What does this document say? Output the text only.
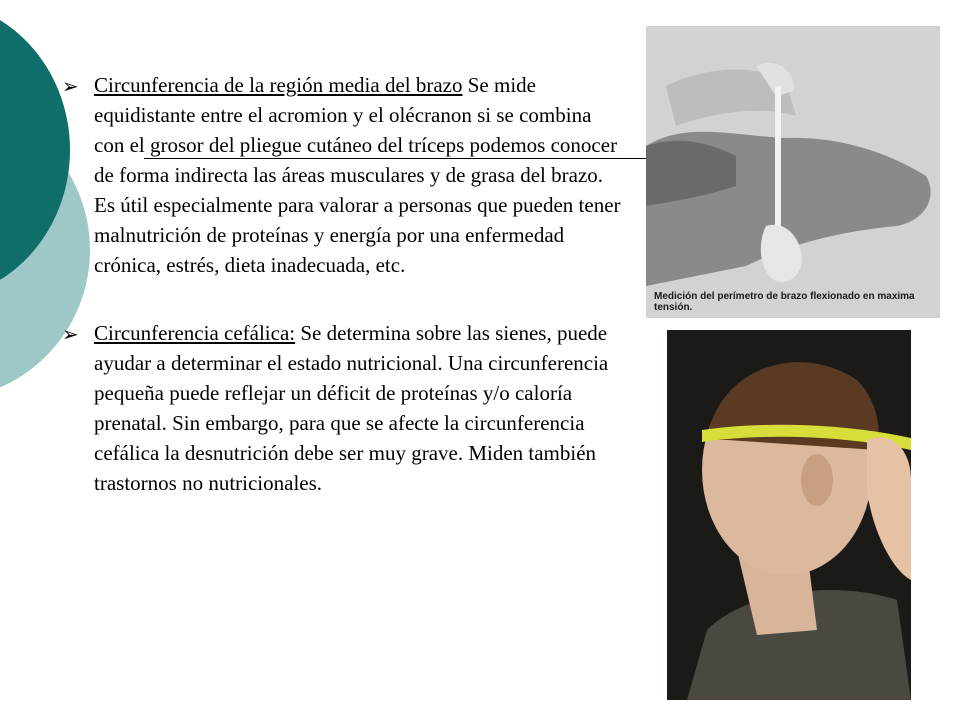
➢ Circunferencia de la región media del brazo Se mide equidistante entre el acromion y el olécranon si se combina con el grosor del pliegue cutáneo del tríceps podemos conocer de forma indirecta las áreas musculares y de grasa del brazo. Es útil especialmente para valorar a personas que pueden tener malnutrición de proteínas y energía por una enfermedad crónica, estrés, dieta inadecuada, etc.
➢ Circunferencia cefálica: Se determina sobre las sienes, puede ayudar a determinar el estado nutricional. Una circunferencia pequeña puede reflejar un déficit de proteínas y/o caloría prenatal. Sin embargo, para que se afecte la circunferencia cefálica la desnutrición debe ser muy grave. Miden también trastornos no nutricionales.
Medición del perímetro de brazo flexionado en maxima tensión.
